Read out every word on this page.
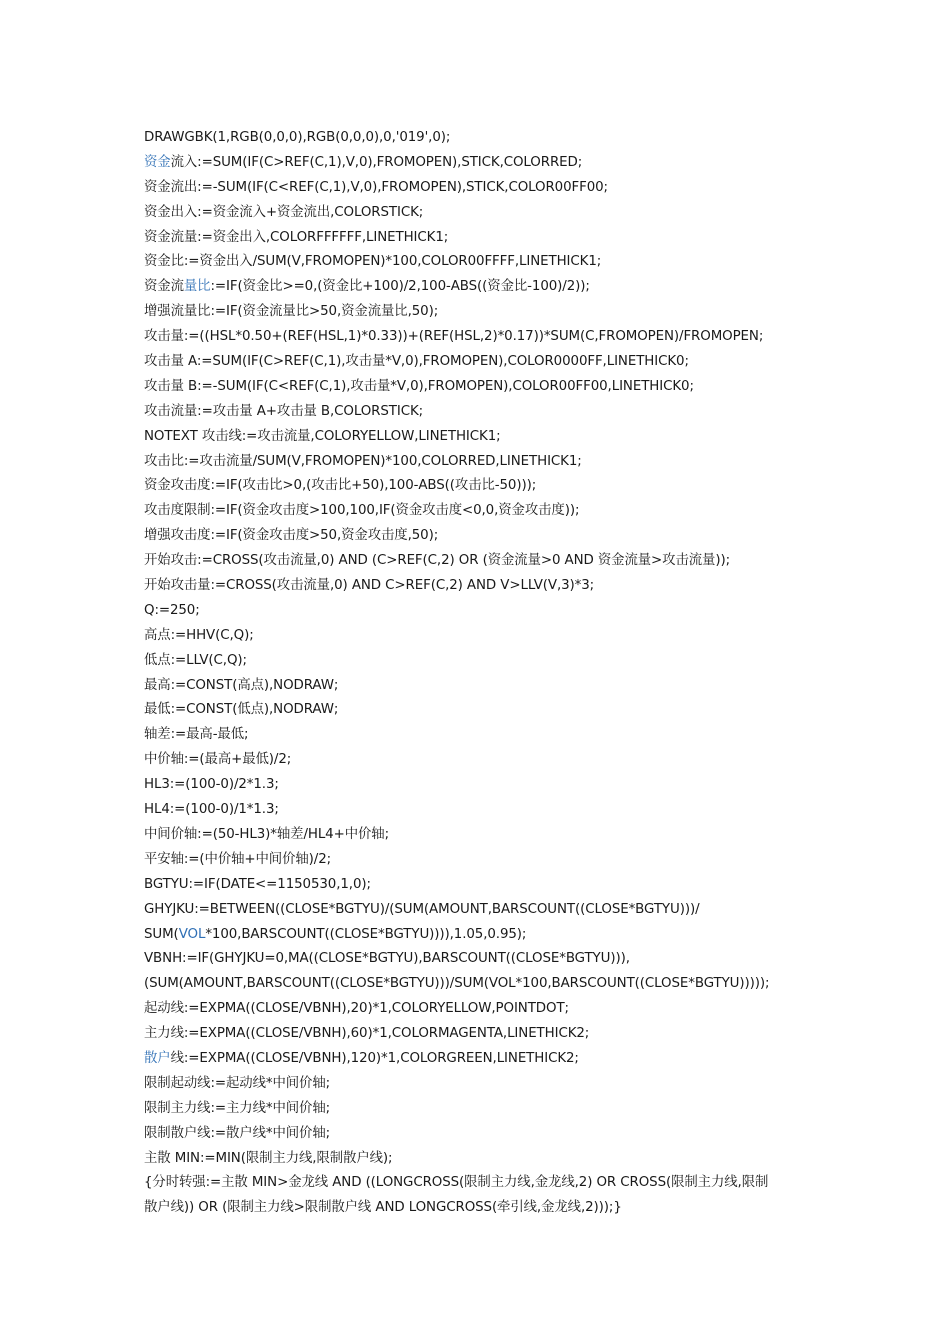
DRAWGBK(1,RGB(0,0,0),RGB(0,0,0),0,'019',0);
资金流入:=SUM(IF(C>REF(C,1),V,0),FROMOPEN),STICK,COLORRED;
资金流出:=-SUM(IF(C<REF(C,1),V,0),FROMOPEN),STICK,COLOR00FF00;
资金出入:=资金流入+资金流出,COLORSTICK;
资金流量:=资金出入,COLORFFFFFF,LINETHICK1;
资金比:=资金出入/SUM(V,FROMOPEN)*100,COLOR00FFFF,LINETHICK1;
资金流量比:=IF(资金比>=0,(资金比+100)/2,100-ABS((资金比-100)/2));
增强流量比:=IF(资金流量比>50,资金流量比,50);
攻击量:=((HSL*0.50+(REF(HSL,1)*0.33))+(REF(HSL,2)*0.17))*SUM(C,FROMOPEN)/FROMOPEN;
攻击量 A:=SUM(IF(C>REF(C,1),攻击量*V,0),FROMOPEN),COLOR0000FF,LINETHICK0;
攻击量 B:=-SUM(IF(C<REF(C,1),攻击量*V,0),FROMOPEN),COLOR00FF00,LINETHICK0;
攻击流量:=攻击量 A+攻击量 B,COLORSTICK;
NOTEXT 攻击线:=攻击流量,COLORYELLOW,LINETHICK1;
攻击比:=攻击流量/SUM(V,FROMOPEN)*100,COLORRED,LINETHICK1;
资金攻击度:=IF(攻击比>0,(攻击比+50),100-ABS((攻击比-50)));
攻击度限制:=IF(资金攻击度>100,100,IF(资金攻击度<0,0,资金攻击度));
增强攻击度:=IF(资金攻击度>50,资金攻击度,50);
开始攻击:=CROSS(攻击流量,0) AND (C>REF(C,2) OR (资金流量>0 AND 资金流量>攻击流量));
开始攻击量:=CROSS(攻击流量,0) AND C>REF(C,2) AND V>LLV(V,3)*3;
Q:=250;
高点:=HHV(C,Q);
低点:=LLV(C,Q);
最高:=CONST(高点),NODRAW;
最低:=CONST(低点),NODRAW;
轴差:=最高-最低;
中价轴:=(最高+最低)/2;
HL3:=(100-0)/2*1.3;
HL4:=(100-0)/1*1.3;
中间价轴:=(50-HL3)*轴差/HL4+中价轴;
平安轴:=(中价轴+中间价轴)/2;
BGTYU:=IF(DATE<=1150530,1,0);
GHYJKU:=BETWEEN((CLOSE*BGTYU)/(SUM(AMOUNT,BARSCOUNT((CLOSE*BGTYU)))/
SUM(VOL*100,BARSCOUNT((CLOSE*BGTYU)))),1.05,0.95);
VBNH:=IF(GHYJKU=0,MA((CLOSE*BGTYU),BARSCOUNT((CLOSE*BGTYU))),
(SUM(AMOUNT,BARSCOUNT((CLOSE*BGTYU)))/SUM(VOL*100,BARSCOUNT((CLOSE*BGTYU)))));
起动线:=EXPMA((CLOSE/VBNH),20)*1,COLORYELLOW,POINTDOT;
主力线:=EXPMA((CLOSE/VBNH),60)*1,COLORMAGENTA,LINETHICK2;
散户线:=EXPMA((CLOSE/VBNH),120)*1,COLORGREEN,LINETHICK2;
限制起动线:=起动线*中间价轴;
限制主力线:=主力线*中间价轴;
限制散户线:=散户线*中间价轴;
主散 MIN:=MIN(限制主力线,限制散户线);
{分时转强:=主散 MIN>金龙线 AND ((LONGCROSS(限制主力线,金龙线,2) OR CROSS(限制主力线,限制
散户线)) OR (限制主力线>限制散户线 AND LONGCROSS(牵引线,金龙线,2)));}
